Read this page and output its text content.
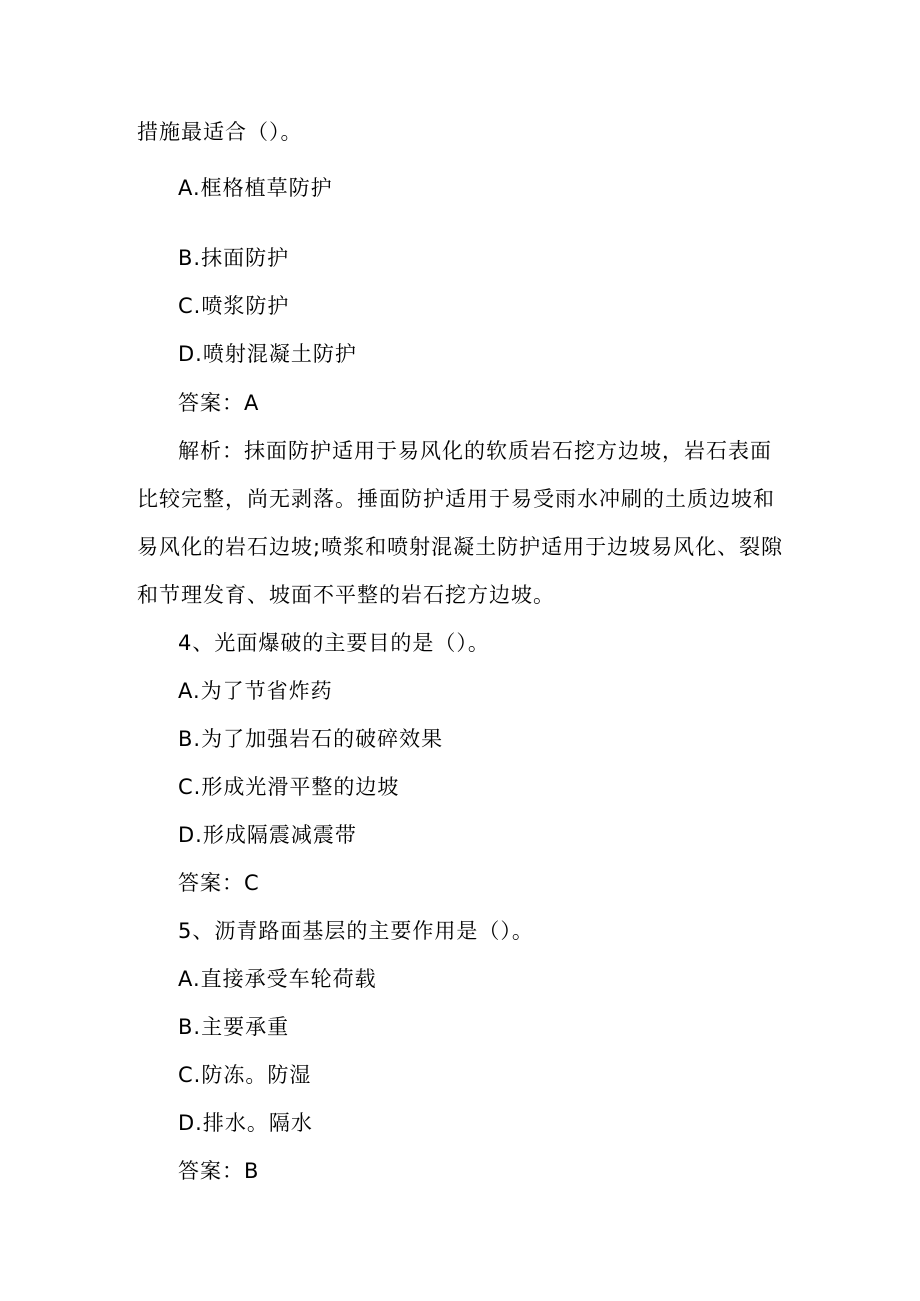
措施最适合（）。
A.框格植草防护
B.抹面防护
C.喷浆防护
D.喷射混凝土防护
答案：A
解析：抹面防护适用于易风化的软质岩石挖方边坡，岩石表面
比较完整，尚无剥落。捶面防护适用于易受雨水冲刷的土质边坡和
易风化的岩石边坡;喷浆和喷射混凝土防护适用于边坡易风化、裂隙
和节理发育、坡面不平整的岩石挖方边坡。
4、光面爆破的主要目的是（）。
A.为了节省炸药
B.为了加强岩石的破碎效果
C.形成光滑平整的边坡
D.形成隔震减震带
答案：C
5、沥青路面基层的主要作用是（）。
A.直接承受车轮荷载
B.主要承重
C.防冻。防湿
D.排水。隔水
答案：B
